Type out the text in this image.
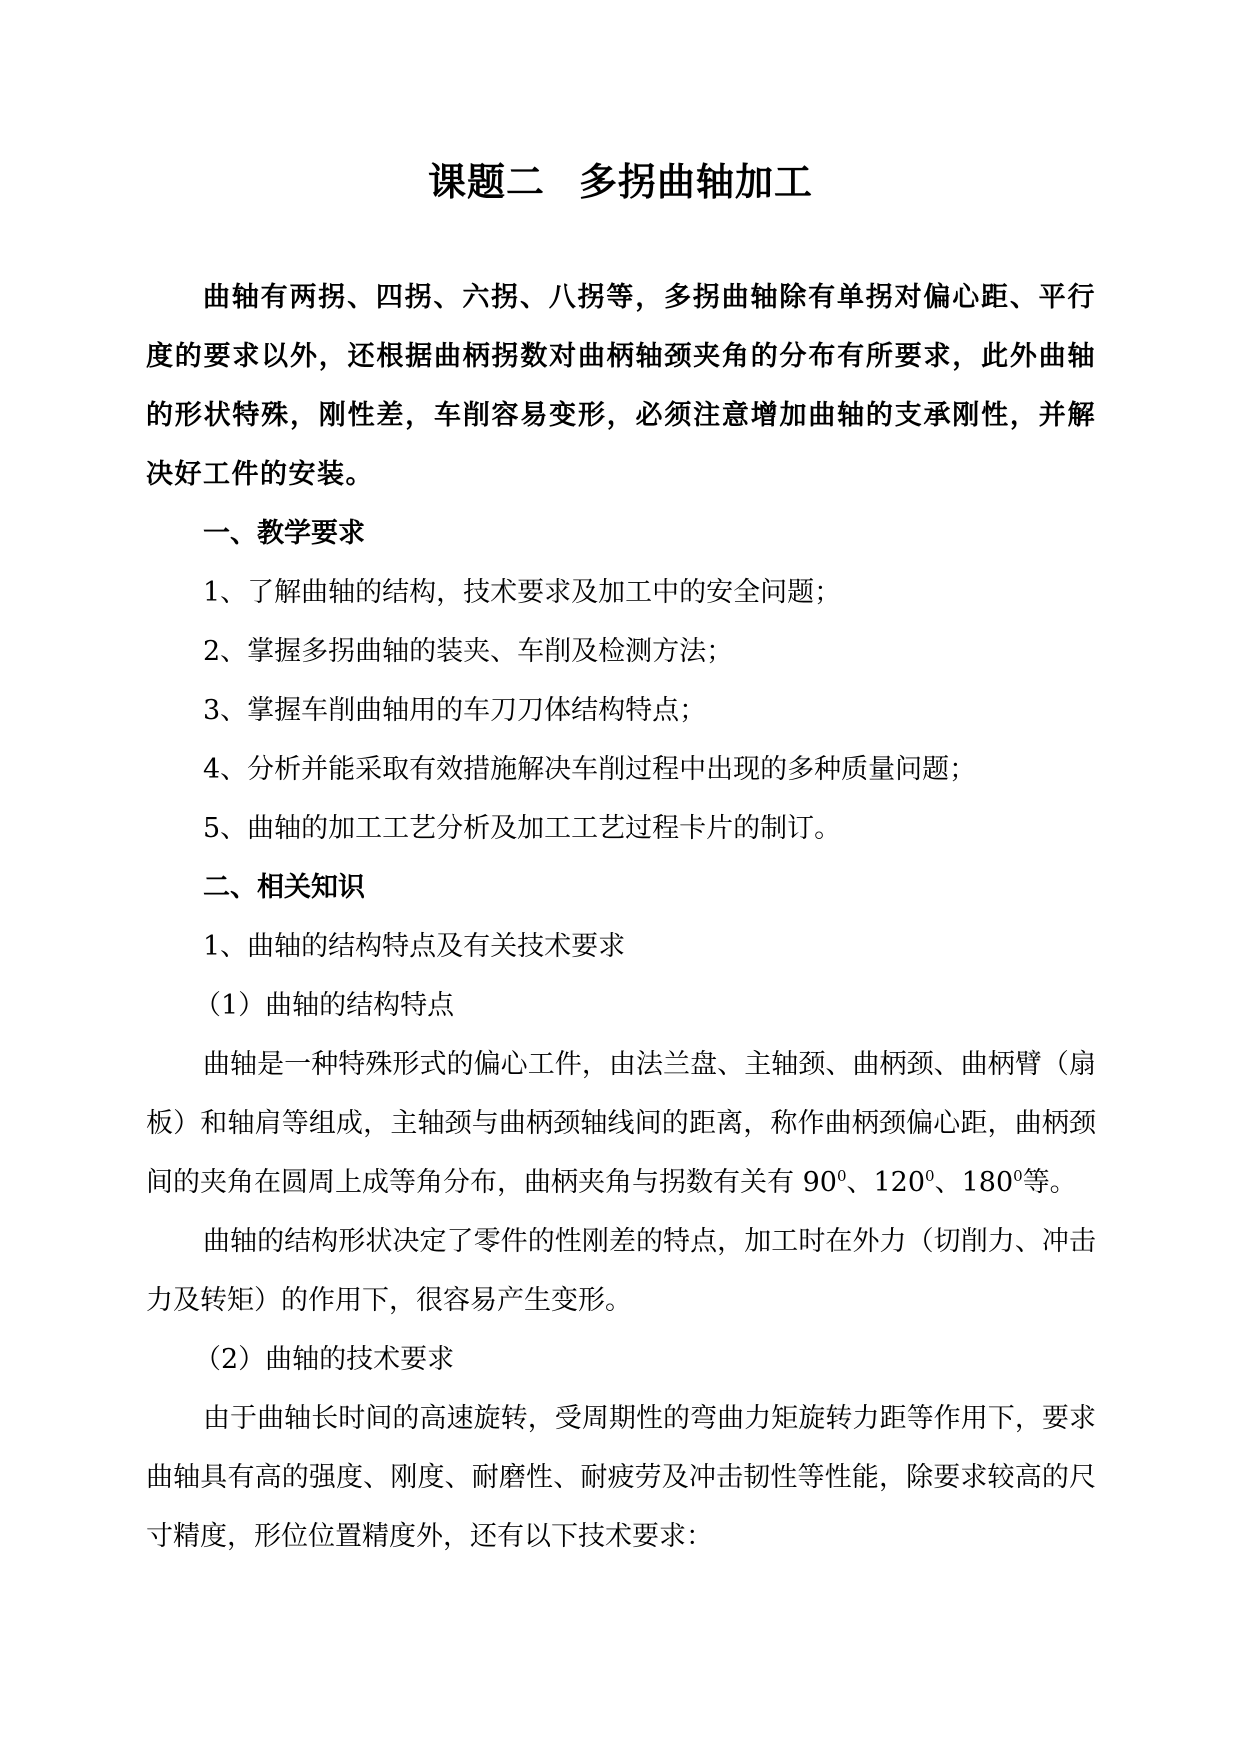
课题二 多拐曲轴加工

曲轴有两拐、四拐、六拐、八拐等，多拐曲轴除有单拐对偏心距、平行度的要求以外，还根据曲柄拐数对曲柄轴颈夹角的分布有所要求，此外曲轴的形状特殊，刚性差，车削容易变形，必须注意增加曲轴的支承刚性，并解决好工件的安装。

一、教学要求

1、了解曲轴的结构，技术要求及加工中的安全问题；

2、掌握多拐曲轴的装夹、车削及检测方法；

3、掌握车削曲轴用的车刀刀体结构特点；

4、分析并能采取有效措施解决车削过程中出现的多种质量问题；

5、曲轴的加工工艺分析及加工工艺过程卡片的制订。

二、相关知识

1、曲轴的结构特点及有关技术要求

（1）曲轴的结构特点

曲轴是一种特殊形式的偏心工件，由法兰盘、主轴颈、曲柄颈、曲柄臂（扇板）和轴肩等组成，主轴颈与曲柄颈轴线间的距离，称作曲柄颈偏心距，曲柄颈间的夹角在圆周上成等角分布，曲柄夹角与拐数有关有 $90^0$、$120^0$、$180^0$等。

曲轴的结构形状决定了零件的性刚差的特点，加工时在外力（切削力、冲击力及转矩）的作用下，很容易产生变形。

（2）曲轴的技术要求

由于曲轴长时间的高速旋转，受周期性的弯曲力矩旋转力距等作用下，要求曲轴具有高的强度、刚度、耐磨性、耐疲劳及冲击韧性等性能，除要求较高的尺寸精度，形位位置精度外，还有以下技术要求：
